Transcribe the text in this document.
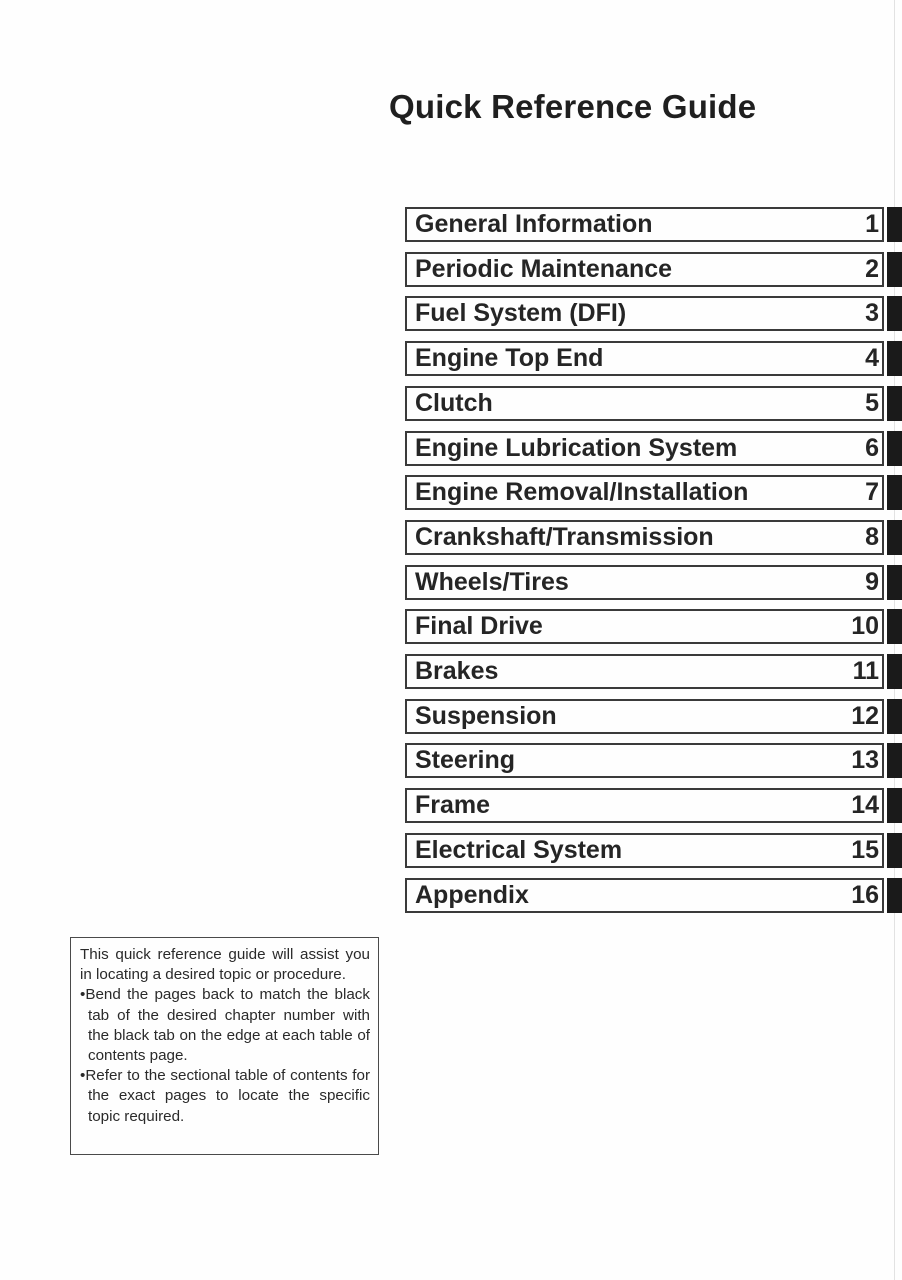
Quick Reference Guide
General Information	1
Periodic Maintenance	2
Fuel System (DFI)	3
Engine Top End	4
Clutch	5
Engine Lubrication System	6
Engine Removal/Installation	7
Crankshaft/Transmission	8
Wheels/Tires	9
Final Drive	10
Brakes	11
Suspension	12
Steering	13
Frame	14
Electrical System	15
Appendix	16

This quick reference guide will assist you in locating a desired topic or procedure.

•Bend the pages back to match the black tab of the desired chapter number with the black tab on the edge at each table of contents page.

•Refer to the sectional table of contents for the exact pages to locate the specific topic required.
